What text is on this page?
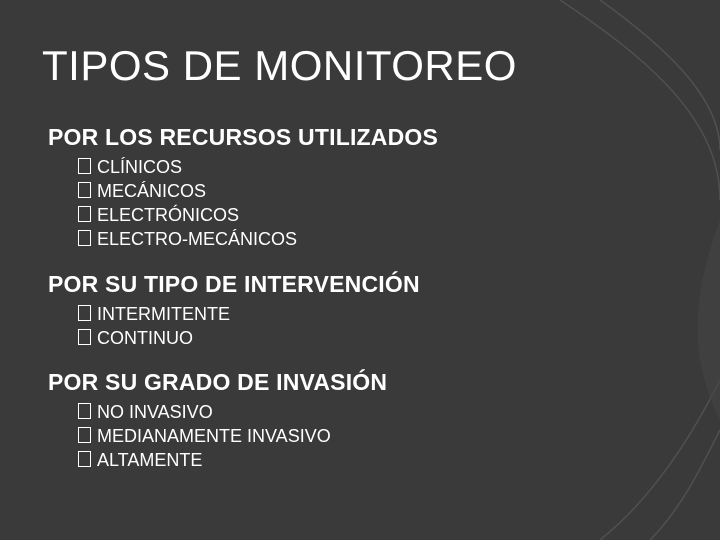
TIPOS DE MONITOREO
POR LOS RECURSOS UTILIZADOS
CLÍNICOS
MECÁNICOS
ELECTRÓNICOS
ELECTRO-MECÁNICOS
POR SU TIPO DE INTERVENCIÓN
INTERMITENTE
CONTINUO
POR SU GRADO DE INVASIÓN
NO INVASIVO
MEDIANAMENTE INVASIVO
ALTAMENTE
